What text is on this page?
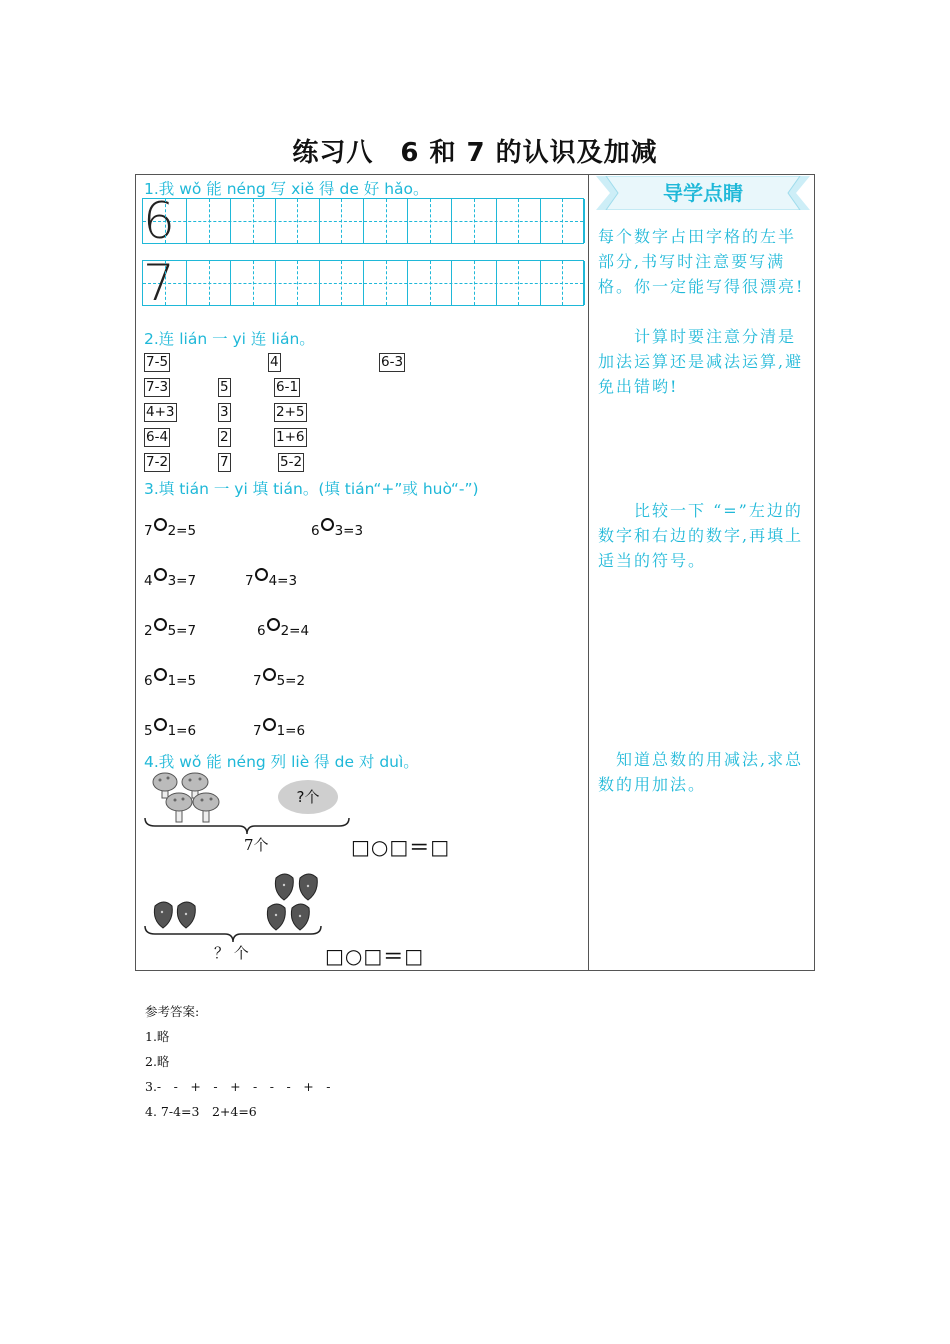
练习八　6 和 7 的认识及加减
导学点睛
每个数字占田字格的左半部分,书写时注意要写满格。你一定能写得很漂亮!
　　计算时要注意分清是加法运算还是减法运算,避免出错哟!
　　比较一下 “=”左边的数字和右边的数字,再填上适当的符号。
　知道总数的用减法,求总数的用加法。
1.我 wǒ 能 néng 写 xiě 得 de 好 hǎo。
6
7
2.连 lián 一 yi 连 lián。
7-5	4	6-3
7-3	5	6-1
4+3	3	2+5
6-4	2	1+6
7-2	7	5-2
3.填 tián 一 yi 填 tián。(填 tián“+”或 huò“-”)
7 2=5	6 3=3
4 3=7	7 4=3
2 5=7	6 2=4
6 1=5	7 5=2
5 1=6	7 1=6
4.我 wǒ 能 néng 列 liè 得 de 对 duì。
?个
7个	□○□＝□
？ 个	□○□＝□
参考答案:
1.略
2.略
3.-　-　+　-　+　-　-　-　+　-
4. 7-4=3　2+4=6
